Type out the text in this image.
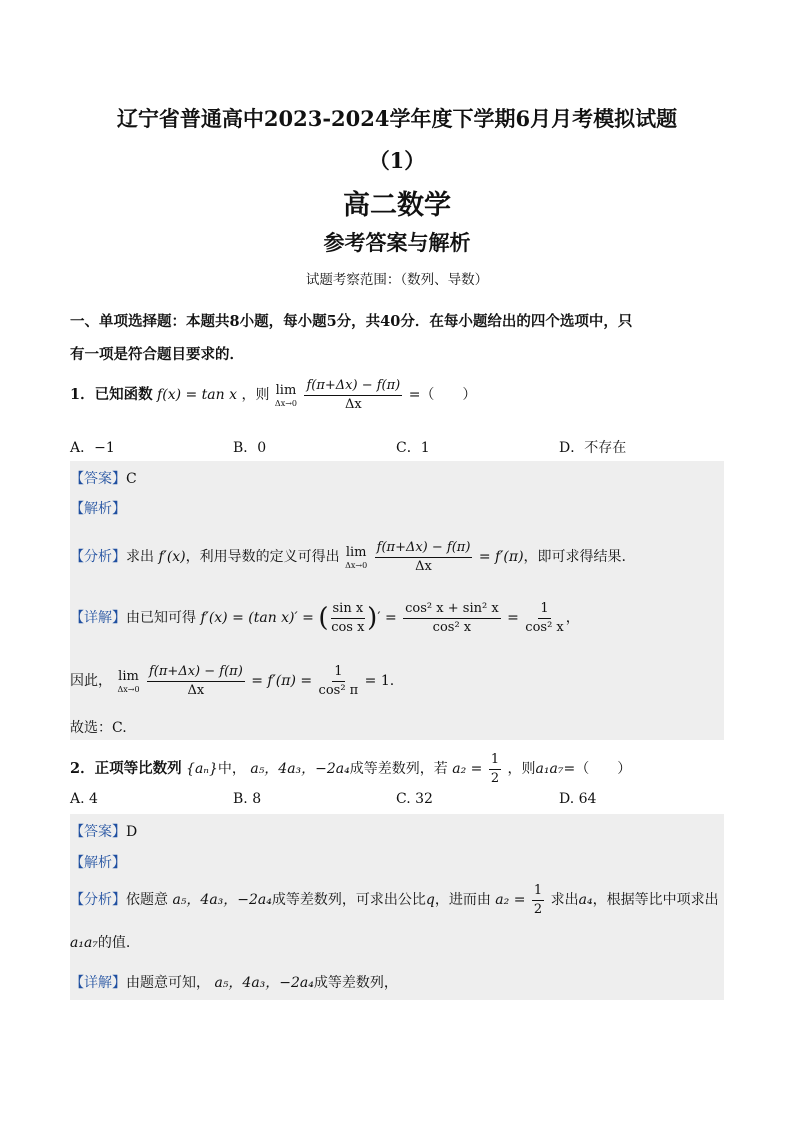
辽宁省普通高中2023-2024学年度下学期6月月考模拟试题
（1）
高二数学
参考答案与解析
试题考察范围：（数列、导数）
一、单项选择题：本题共8小题，每小题5分，共40分．在每小题给出的四个选项中，只
有一项是符合题目要求的．
1．已知函数 f(x) = tan x ，则 lim
Δx→0
$\frac{f(\pi+\Delta x) - f(\pi)}{\Delta x}$ =（　　）
A．−1	B．0	C．1	D．不存在
【答案】C
【解析】
【分析】求出 f′(x)，利用导数的定义可得出 lim
Δx→0
$\frac{f(\pi+\Delta x) - f(\pi)}{\Delta x} = f'(\pi)$，即可求得结果.
【详解】由已知可得 f′(x) = (tan x)′ = ( $\frac{\text{sin x}}{\text{cos x}}$ )′ = $\frac{\text{cos² x + sin² x}}{\text{cos² x}} = \frac{1}{\text{cos² x}}$ ，
因此， lim
Δx→0
$\frac{f(\pi+\Delta x) - f(\pi)}{\Delta x} = f'(\pi) = \frac{1}{\text{cos² π}} = 1$.
故选：C.
2．正项等比数列 {aₙ}中， a₅，4a₃，−2a₄成等差数列，若 $a_2 = \frac{1}{2}$ ，则a₁a₇=（　　）
A. 4	B. 8	C. 32	D. 64
【答案】D
【解析】
【分析】依题意 a₅，4a₃，−2a₄成等差数列，可求出公比q，进而由 $a_2 = \frac{1}{2}$ 求出a₄，根据等比中项求出
a₁a₇的值.
【详解】由题意可知， a₅，4a₃，−2a₄成等差数列，
